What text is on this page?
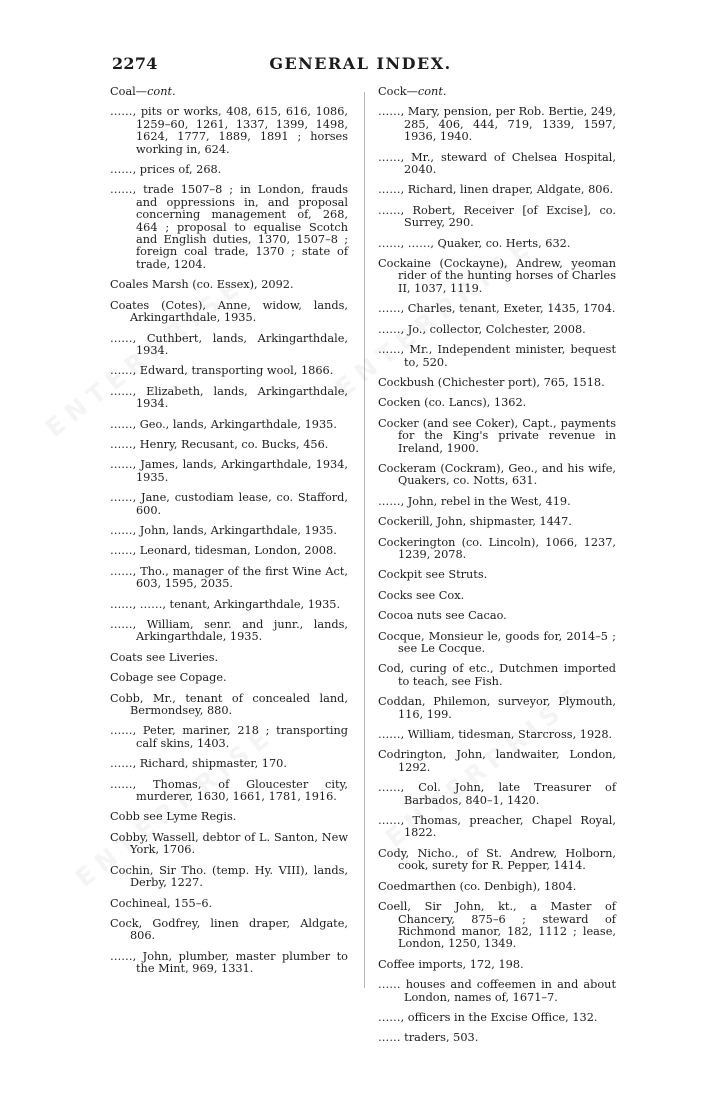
2274	GENERAL INDEX.
Coal—cont.

……, pits or works, 408, 615, 616, 1086, 1259–60, 1261, 1337, 1399, 1498, 1624, 1777, 1889, 1891 ; horses working in, 624.

……, prices of, 268.

……, trade 1507–8 ; in London, frauds and oppressions in, and proposal concerning management of, 268, 464 ; proposal to equalise Scotch and English duties, 1370, 1507–8 ; foreign coal trade, 1370 ; state of trade, 1204.

Coales Marsh (co. Essex), 2092.

Coates (Cotes), Anne, widow, lands, Arkingarthdale, 1935.

……, Cuthbert, lands, Arkingarthdale, 1934.

……, Edward, transporting wool, 1866.

……, Elizabeth, lands, Arkingarthdale, 1934.

……, Geo., lands, Arkingarthdale, 1935.

……, Henry, Recusant, co. Bucks, 456.

……, James, lands, Arkingarthdale, 1934, 1935.

……, Jane, custodiam lease, co. Stafford, 600.

……, John, lands, Arkingarthdale, 1935.

……, Leonard, tidesman, London, 2008.

……, Tho., manager of the first Wine Act, 603, 1595, 2035.

……, ……, tenant, Arkingarthdale, 1935.

……, William, senr. and junr., lands, Arkingarthdale, 1935.

Coats see Liveries.

Cobage see Copage.

Cobb, Mr., tenant of concealed land, Bermondsey, 880.

……, Peter, mariner, 218 ; transporting calf skins, 1403.

……, Richard, shipmaster, 170.

……, Thomas, of Gloucester city, murderer, 1630, 1661, 1781, 1916.

Cobb see Lyme Regis.

Cobby, Wassell, debtor of L. Santon, New York, 1706.

Cochin, Sir Tho. (temp. Hy. VIII), lands, Derby, 1227.

Cochineal, 155–6.

Cock, Godfrey, linen draper, Aldgate, 806.

……, John, plumber, master plumber to the Mint, 969, 1331.

Cock—cont.

……, Mary, pension, per Rob. Bertie, 249, 285, 406, 444, 719, 1339, 1597, 1936, 1940.

……, Mr., steward of Chelsea Hospital, 2040.

……, Richard, linen draper, Aldgate, 806.

……, Robert, Receiver [of Excise], co. Surrey, 290.

……, ……, Quaker, co. Herts, 632.

Cockaine (Cockayne), Andrew, yeoman rider of the hunting horses of Charles II, 1037, 1119.

……, Charles, tenant, Exeter, 1435, 1704.

……, Jo., collector, Colchester, 2008.

……, Mr., Independent minister, bequest to, 520.

Cockbush (Chichester port), 765, 1518.

Cocken (co. Lancs), 1362.

Cocker (and see Coker), Capt., payments for the King's private revenue in Ireland, 1900.

Cockeram (Cockram), Geo., and his wife, Quakers, co. Notts, 631.

……, John, rebel in the West, 419.

Cockerill, John, shipmaster, 1447.

Cockerington (co. Lincoln), 1066, 1237, 1239, 2078.

Cockpit see Struts.

Cocks see Cox.

Cocoa nuts see Cacao.

Cocque, Monsieur le, goods for, 2014–5 ; see Le Cocque.

Cod, curing of etc., Dutchmen imported to teach, see Fish.

Coddan, Philemon, surveyor, Plymouth, 116, 199.

……, William, tidesman, Starcross, 1928.

Codrington, John, landwaiter, London, 1292.

……, Col. John, late Treasurer of Barbados, 840–1, 1420.

……, Thomas, preacher, Chapel Royal, 1822.

Cody, Nicho., of St. Andrew, Holborn, cook, surety for R. Pepper, 1414.

Coedmarthen (co. Denbigh), 1804.

Coell, Sir John, kt., a Master of Chancery, 875–6 ; steward of Richmond manor, 182, 1112 ; lease, London, 1250, 1349.

Coffee imports, 172, 198.

…… houses and coffeemen in and about London, names of, 1671–7.

……, officers in the Excise Office, 132.

…… traders, 503.
